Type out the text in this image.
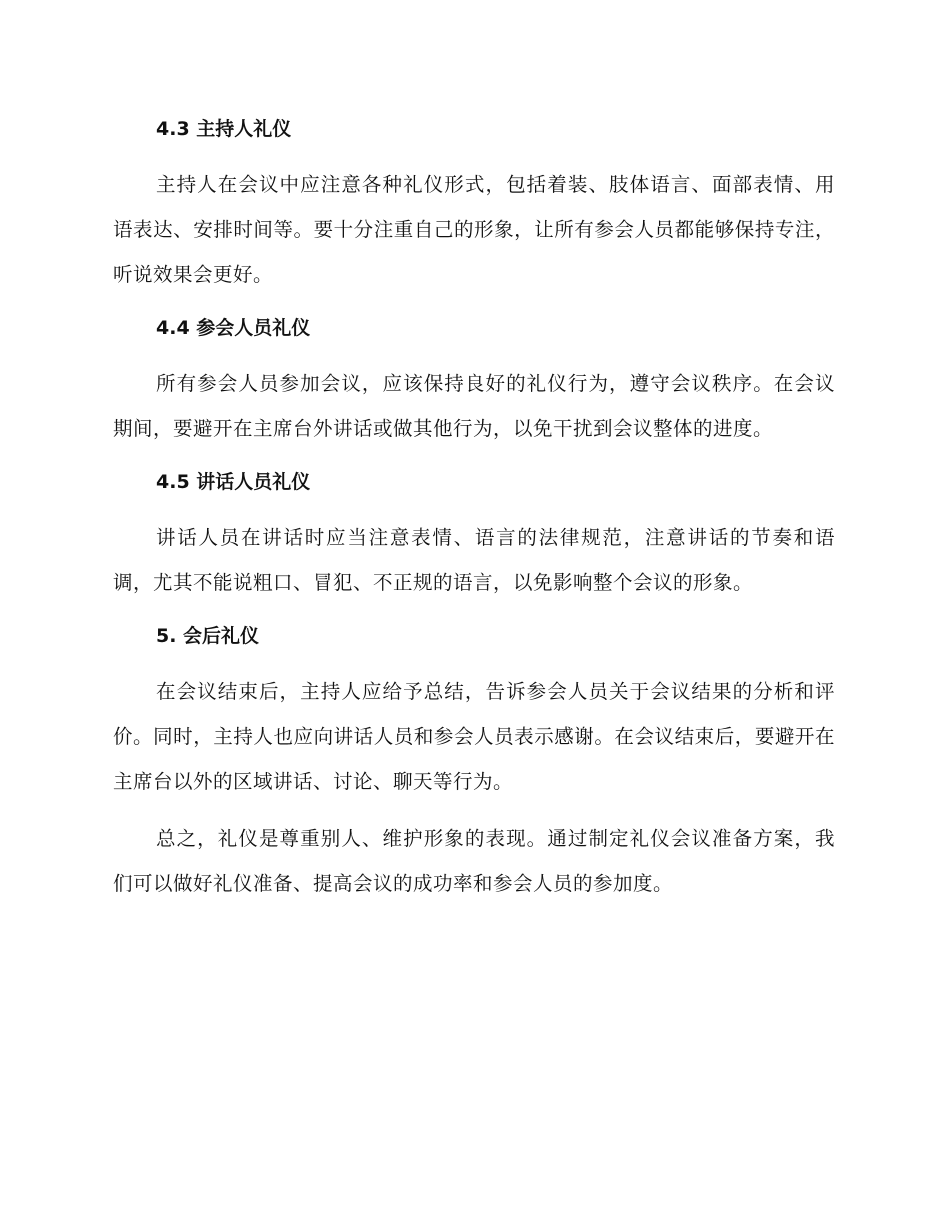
4.3 主持人礼仪

主持人在会议中应注意各种礼仪形式，包括着装、肢体语言、面部表情、用语表达、安排时间等。要十分注重自己的形象，让所有参会人员都能够保持专注，听说效果会更好。

4.4 参会人员礼仪

所有参会人员参加会议，应该保持良好的礼仪行为，遵守会议秩序。在会议期间，要避开在主席台外讲话或做其他行为，以免干扰到会议整体的进度。

4.5 讲话人员礼仪

讲话人员在讲话时应当注意表情、语言的法律规范，注意讲话的节奏和语调，尤其不能说粗口、冒犯、不正规的语言，以免影响整个会议的形象。

5. 会后礼仪

在会议结束后，主持人应给予总结，告诉参会人员关于会议结果的分析和评价。同时，主持人也应向讲话人员和参会人员表示感谢。在会议结束后，要避开在主席台以外的区域讲话、讨论、聊天等行为。

总之，礼仪是尊重别人、维护形象的表现。通过制定礼仪会议准备方案，我们可以做好礼仪准备、提高会议的成功率和参会人员的参加度。
